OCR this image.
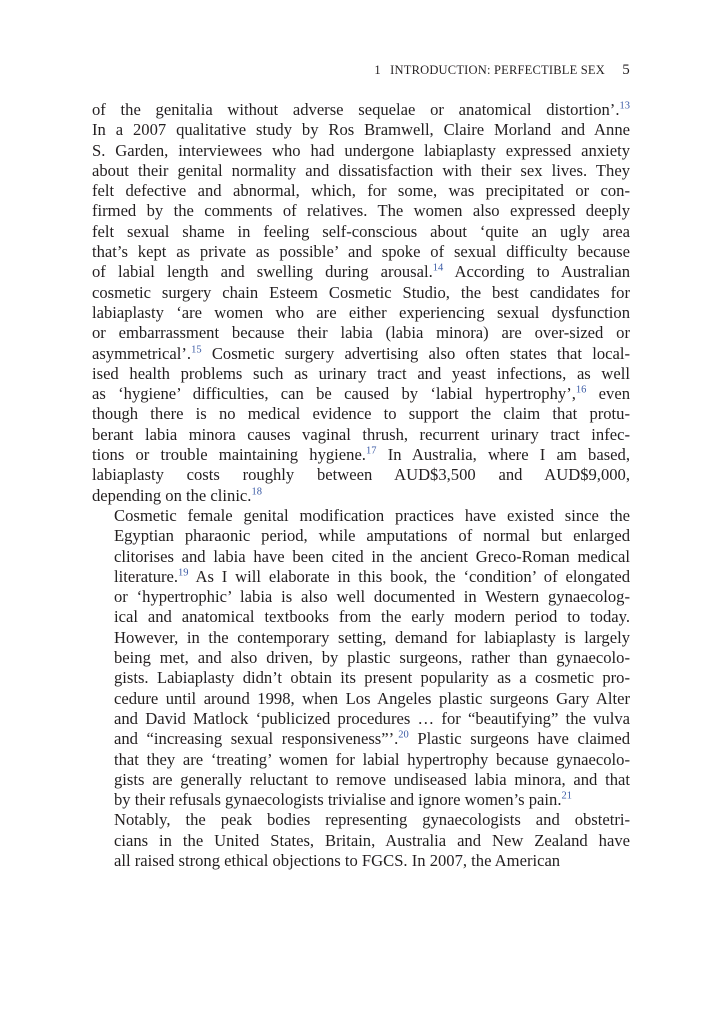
1 INTRODUCTION: PERFECTIBLE SEX 5

of the genitalia without adverse sequelae or anatomical distortion’.$^{13}$
In a 2007 qualitative study by Ros Bramwell, Claire Morland and Anne
S. Garden, interviewees who had undergone labiaplasty expressed anxiety
about their genital normality and dissatisfaction with their sex lives. They
felt defective and abnormal, which, for some, was precipitated or con-
firmed by the comments of relatives. The women also expressed deeply
felt sexual shame in feeling self-conscious about ‘quite an ugly area
that’s kept as private as possible’ and spoke of sexual difficulty because
of labial length and swelling during arousal.$^{14}$ According to Australian
cosmetic surgery chain Esteem Cosmetic Studio, the best candidates for
labiaplasty ‘are women who are either experiencing sexual dysfunction
or embarrassment because their labia (labia minora) are over-sized or
asymmetrical’.$^{15}$ Cosmetic surgery advertising also often states that local-
ised health problems such as urinary tract and yeast infections, as well
as ‘hygiene’ difficulties, can be caused by ‘labial hypertrophy’,$^{16}$ even
though there is no medical evidence to support the claim that protu-
berant labia minora causes vaginal thrush, recurrent urinary tract infec-
tions or trouble maintaining hygiene.$^{17}$ In Australia, where I am based,
labiaplasty costs roughly between AUD$3,500 and AUD$9,000,
depending on the clinic.$^{18}$

Cosmetic female genital modification practices have existed since the
Egyptian pharaonic period, while amputations of normal but enlarged
clitorises and labia have been cited in the ancient Greco-Roman medical
literature.$^{19}$ As I will elaborate in this book, the ‘condition’ of elongated
or ‘hypertrophic’ labia is also well documented in Western gynaecolog-
ical and anatomical textbooks from the early modern period to today.
However, in the contemporary setting, demand for labiaplasty is largely
being met, and also driven, by plastic surgeons, rather than gynaecolo-
gists. Labiaplasty didn’t obtain its present popularity as a cosmetic pro-
cedure until around 1998, when Los Angeles plastic surgeons Gary Alter
and David Matlock ‘publicized procedures … for “beautifying” the vulva
and “increasing sexual responsiveness”’.$^{20}$ Plastic surgeons have claimed
that they are ‘treating’ women for labial hypertrophy because gynaecolo-
gists are generally reluctant to remove undiseased labia minora, and that
by their refusals gynaecologists trivialise and ignore women’s pain.$^{21}$

Notably, the peak bodies representing gynaecologists and obstetri-
cians in the United States, Britain, Australia and New Zealand have
all raised strong ethical objections to FGCS. In 2007, the American
